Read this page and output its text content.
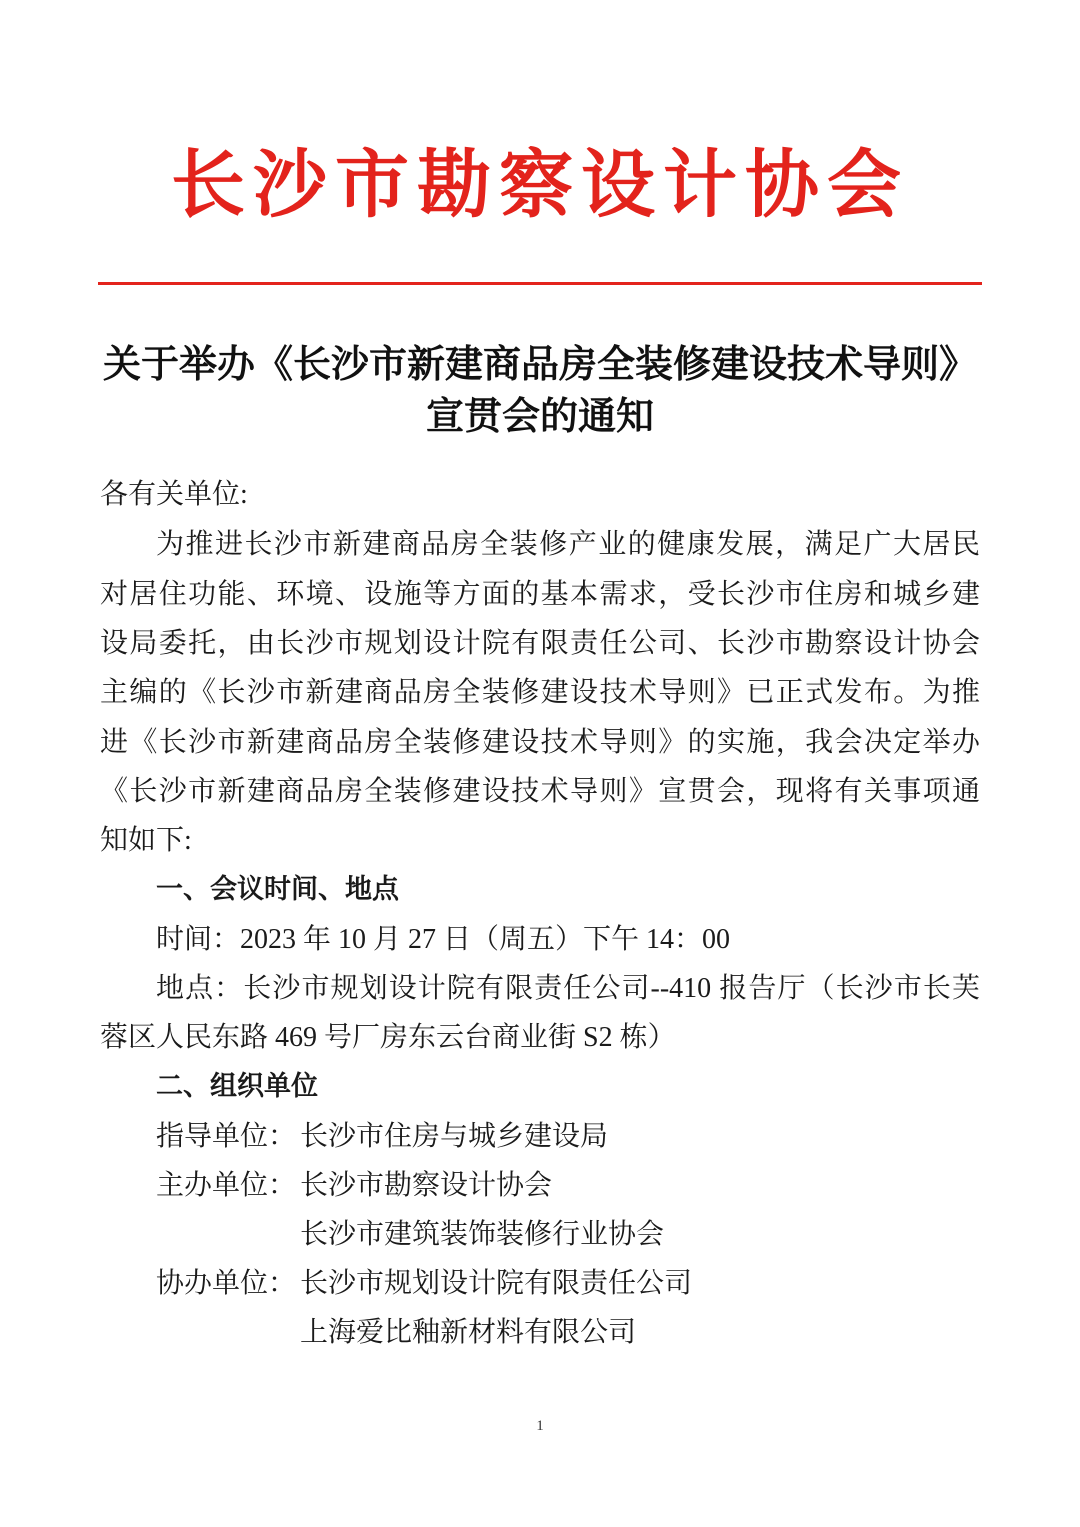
长沙市勘察设计协会
关于举办《长沙市新建商品房全装修建设技术导则》
宣贯会的通知
各有关单位:
为推进长沙市新建商品房全装修产业的健康发展，满足广大居民
对居住功能、环境、设施等方面的基本需求，受长沙市住房和城乡建
设局委托，由长沙市规划设计院有限责任公司、长沙市勘察设计协会
主编的《长沙市新建商品房全装修建设技术导则》已正式发布。为推
进《长沙市新建商品房全装修建设技术导则》的实施，我会决定举办
《长沙市新建商品房全装修建设技术导则》宣贯会，现将有关事项通
知如下:
一、会议时间、地点
时间：2023 年 10 月 27 日（周五）下午 14：00
地点：长沙市规划设计院有限责任公司--410 报告厅（长沙市长芙
蓉区人民东路 469 号厂房东云台商业街 S2 栋）
二、组织单位
指导单位： 长沙市住房与城乡建设局
主办单位： 长沙市勘察设计协会
长沙市建筑装饰装修行业协会
协办单位： 长沙市规划设计院有限责任公司
上海爱比釉新材料有限公司
1
